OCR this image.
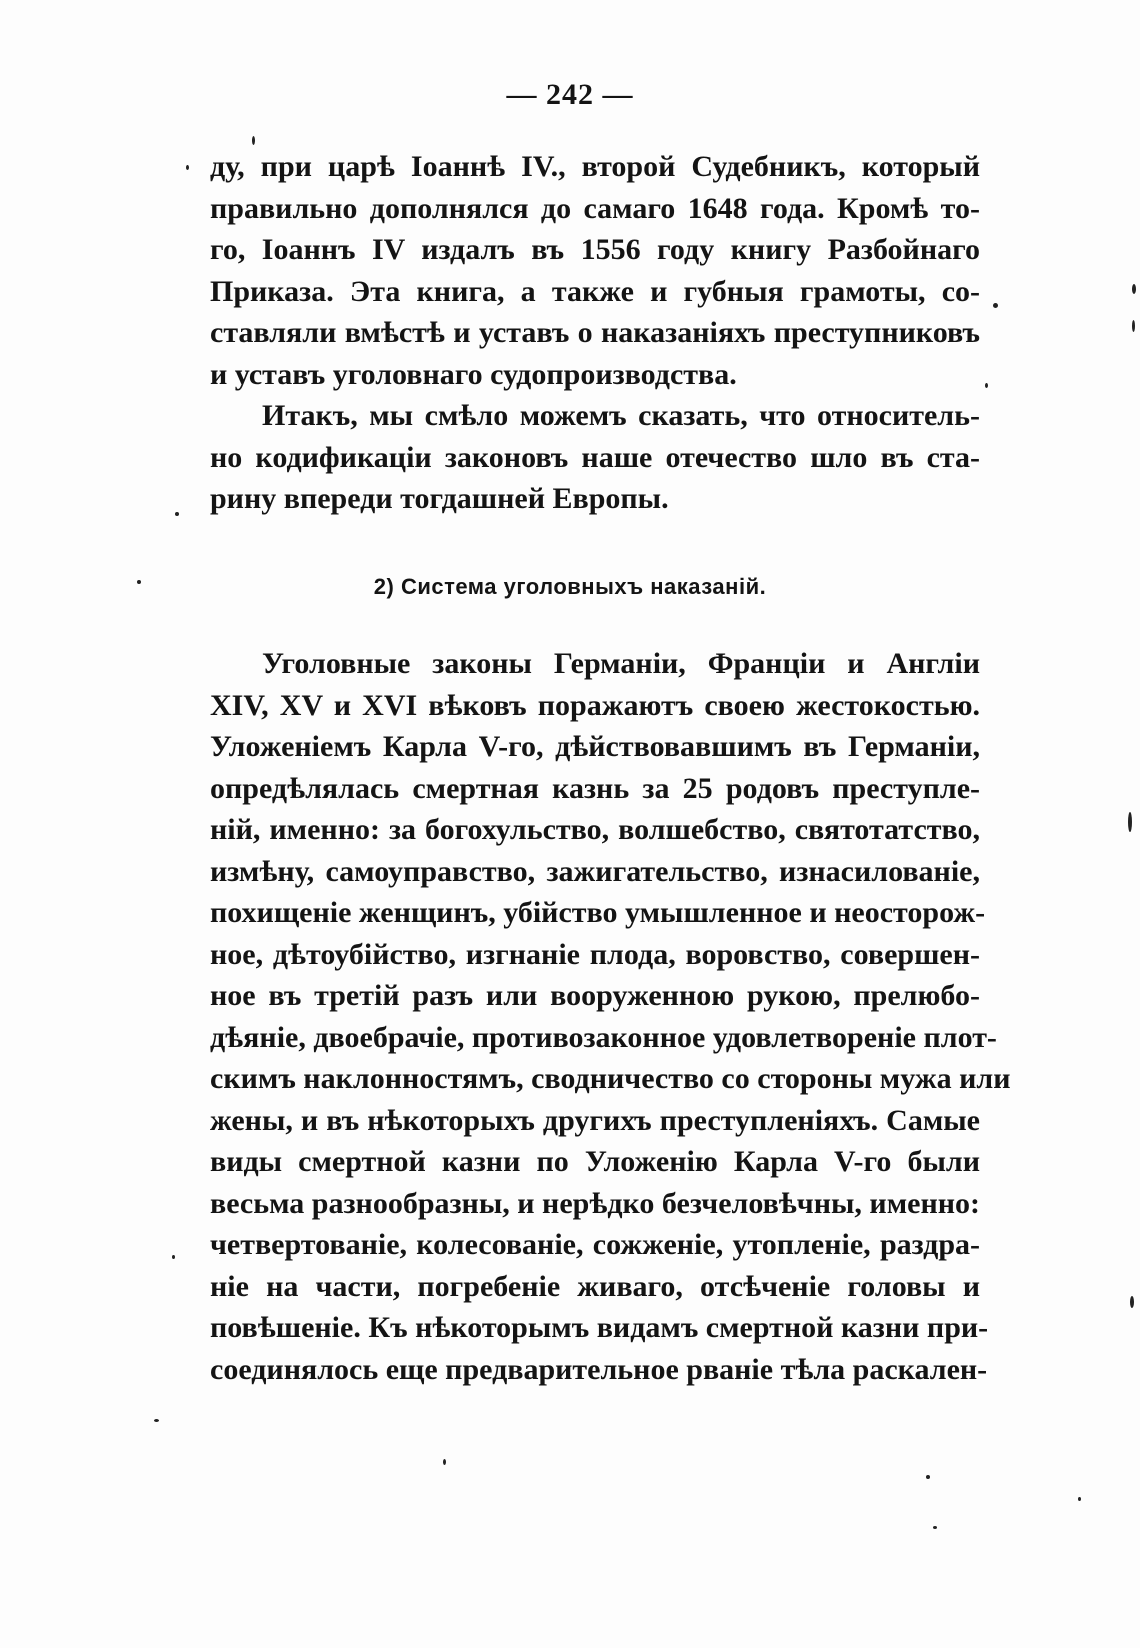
— 242 —
ду, при царѣ Іоаннѣ IV., второй Судебникъ, который
правильно дополнялся до самаго 1648 года. Кромѣ то-
го, Іоаннъ IV издалъ въ 1556 году книгу Разбойнаго
Приказа. Эта книга, а также и губныя грамоты, со-
ставляли вмѣстѣ и уставъ о наказаніяхъ преступниковъ
и уставъ уголовнаго судопроизводства.
Итакъ, мы смѣло можемъ сказать, что относитель-
но кодификаціи законовъ наше отечество шло въ ста-
рину впереди тогдашней Европы.
2) Система уголовныхъ наказаній.
Уголовные законы Германіи, Франціи и Англіи
XIV, XV и XVI вѣковъ поражаютъ своею жестокостью.
Уложеніемъ Карла V-го, дѣйствовавшимъ въ Германіи,
опредѣлялась смертная казнь за 25 родовъ преступле-
ній, именно: за богохульство, волшебство, святотатство,
измѣну, самоуправство, зажигательство, изнасилованіе,
похищеніе женщинъ, убійство умышленное и неосторож-
ное, дѣтоубійство, изгнаніе плода, воровство, совершен-
ное въ третій разъ или вооруженною рукою, прелюбо-
дѣяніе, двоебрачіе, противозаконное удовлетвореніе плот-
скимъ наклонностямъ, сводничество со стороны мужа или
жены, и въ нѣкоторыхъ другихъ преступленіяхъ. Самые
виды смертной казни по Уложенію Карла V-го были
весьма разнообразны, и нерѣдко безчеловѣчны, именно:
четвертованіе, колесованіе, сожженіе, утопленіе, раздра-
ніе на части, погребеніе живаго, отсѣченіе головы и
повѣшеніе. Къ нѣкоторымъ видамъ смертной казни при-
соединялось еще предварительное рваніе тѣла раскален-
